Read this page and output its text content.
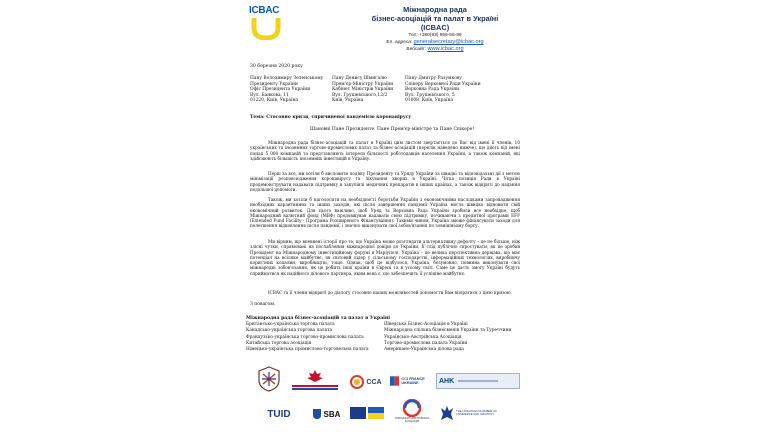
ICBAC	Міжнародна рада
бізнес-асоціацій та палат в Україні
(ICBAC)
Тел: +380(93) 959-56-99
Ел. адреса: generalsecretary@icbac.org
Вебсайт: www.icbac.org
30 березня 2020 року
Пану Володимиру Зеленському
Президенту України
Офіс Президента України
Вул. Банкова, 11
01220, Київ, Україна
Пану Денису Шмигалю
Прем'єр-Міністру України
Кабінет Міністрів України
Вул. Грушевського,12/2
Київ, Україна
Пану Дмитру Разумкову
Спікеру Верховної Ради України
Верховна Рада України
Вул. Грушевського, 5
01008, Київ, Україна
Тема: Стосовно кризи, спричиненої пандемією коронавірусу
Шановні Пане Президенте, Пане Прем'єр-міністре та Пане Спікере!
Міжнародна рада бізнес-асоціацій та палат в Україні цим листом звертається до Вас від імені її членів, 10 українських та іноземних торгово-промислових палат та бізнес-асоціацій (перелік наведено нижче), що діють від імені понад 5 000 компаній та представляють інтереси більшості роботодавців населення України, а також компаній, які здійснюють більшість іноземних інвестицій в Україну.
Перш за все, ми хотіли б висловити подяку Президенту та Уряду України за швидкі та відповідальні дії з метою мінімізації розповсюдження коронавірусу та лікування хворих в Україні. Чітка позиція Ради в Україні продемонструвати надавати підтримку в закупівлі медичних препаратів в інших країнах, а також відкриті до надання подальшої допомоги.
Також, ми хотіли б наголосити на необхідності боротьби України з економічними наслідками запровадження необхідних карантинних та інших заходів, які після завершення пандемії Україна могла швидко відновити свій економічний розвиток. Для цього важливо, щоб Уряд та Верховна Рада України зробили все необхідне, щоб Міжнародний валютний фонд (МВФ) продовжував надавати свою підтримку, починаючи з кредитної програми EFF (Extended Fund Facility - Програма Розширеного Фінансування). Такими чином, Україна зможе фінансувати заходи для полегшення відновлення після пандемії, і значно виконувати свої зобов'язання по зовнішньому боргу.
Ми вірним, що впевнені історії про те, що Україна може розглядати альтернативну дефолту – це не більше, ніж злісні чутки, спрямовані на послаблення міжнародної довіри до України. Її слід публічно спростувати, як це зробив Президент на Міжнародному інвестиційному форумі в Маріуполі. Україна – це велика перспективна держава, що має потенціал на всіляке майбутнє, як світовий лідер у сільському господарстві, інформаційних технологіях, виробничу користних копалин, виробництві, тощо. Однак, щоб це відбулося, Україна, безумовно, повинна виконувати свої міжнародні зобов'язання, як це робить інші країни в Європі та в усьому світі. Саме це дасть змогу Україні будуть сприйматися як надійного ділового партнера, яким вона є, що забезпечить її успішне майбутнє.
ICBAC та її члени відкриті до діалогу стосовно наших можливостей допомогти Вам впоратися з цією кризою.
З повагою,
Міжнародна рада бізнес-асоціацій та палат в Україні
Британсько-українська торгова палата
Канадсько-українська торгова палата
Французько-українська торгово-промислова палата
Китайська торгова асоціація
Німецько-українська промислово-торговельна палата
Шведська Бізнес-Асоціація в Україні
Міжнародна спільна бізнесменів України та Туреччини
Українсько-Австрійська Асоціація
Торгово-промислова палата України
Американо-Українська ділова рада
CCA	CCI FRANCE UKRAINE	AHK
TUID	SBA	УКРАЇНСЬКО-АВСТРІЙСЬКА АСОЦІАЦІЯ
THE UKRAINIAN CHAMBER OF COMMERCE AND INDUSTRY
